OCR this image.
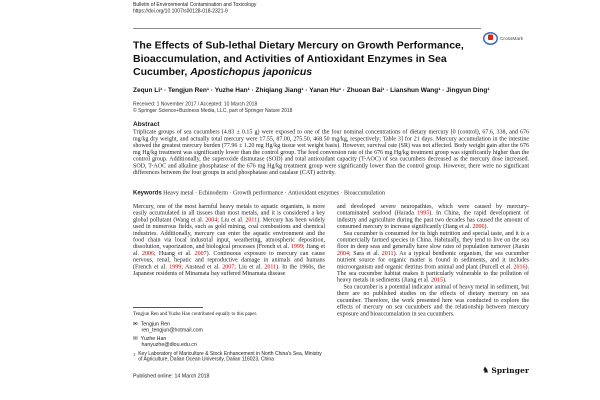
Bulletin of Environmental Contamination and Toxicology
https://doi.org/10.1007/s00128-018-2321-9
CrossMark
The Effects of Sub-lethal Dietary Mercury on Growth Performance,
Bioaccumulation, and Activities of Antioxidant Enzymes in Sea
Cucumber, Apostichopus japonicus
Zequn Li¹ · Tengjun Ren¹ · Yuzhe Han¹ · Zhiqiang Jiang¹ · Yanan Hu¹ · Zhuoan Bai¹ · Lianshun Wang¹ · Jingyun Ding¹
Received: 1 November 2017 / Accepted: 10 March 2018
© Springer Science+Business Media, LLC, part of Springer Nature 2018
Abstract
Triplicate groups of sea cucumbers (4.83 ± 0.15 g) were exposed to one of the four nominal concentrations of dietary mercury [0 (control), 67.6, 338, and 676 mg/kg dry weight, and actually total mercury were 17.55, 87.00, 275.50, 468.50 mg/kg, respectively; Table 3] for 21 days. Mercury accumulation in the intestine showed the greatest mercury burden (77.96 ± 1.20 mg Hg/kg tissue wet weight basis). However, survival rate (SR) was not affected. Body weight gain after the 676 mg Hg/kg treatment was significantly lower than the control group. The feed conversion rate of the 676 mg Hg/kg treatment group was significantly higher than the control group. Additionally, the superoxide dismutase (SOD) and total antioxidant capacity (T-AOC) of sea cucumbers decreased as the mercury dose increased. SOD, T-AOC and alkaline phosphatase of the 676 mg Hg/kg treatment group were significantly lower than the control group. However, there were no significant differences between the four groups in acid phosphatase and catalase (CAT) activity.
Keywords Heavy metal · Echinoderm · Growth performance · Antioxidant enzymes · Bioaccumulation

Mercury, one of the most harmful heavy metals to aquatic organism, is more easily accumulated in all tissues than most metals, and it is considered a key global pollutant (Wang et al. 2004; Liu et al. 2011). Mercury has been widely used in numerous fields, such as gold mining, coal combustions and chemical industries. Additionally, mercury can enter the aquatic environment and the food chain via local industrial input, weathering, atmospheric deposition, dissolution, vaporization, and biological processes (French et al. 1999; Jiang et al. 2006; Huang et al. 2007). Continuous exposure to mercury can cause nervous, renal, hepatic and reproductive damage in animals and humans (French et al. 1999; Anstead et al. 2007; Liu et al. 2011). In the 1960s, the Japanese residents of Minamata bay suffered Minamata disease

and developed severe neuropathies, which were caused by mercury-contaminated seafood (Harada 1995). In China, the rapid development of industry and agriculture during the past two decades has caused the amount of consumed mercury to increase significantly (Jiang et al. 2006).

Sea cucumber is consumed for its high nutrition and special taste, and it is a commercially farmed species in China. Habitually, they tend to live on the sea floor in deep seas and generally have slow rates of population turnover (Jiaxin 2004; Sara et al. 2011). As a typical benthonic organism, the sea cucumber nutrient source for organic matter is found in sediments, and it includes microorganism and organic detritus from animal and plant (Purcell et al. 2016). The sea cucumber habitat makes it particularly vulnerable to the pollution of heavy metals in sediments (Jiang et al. 2015).

Sea cucumber is a potential indicator animal of heavy metal in sediment, but there are no published studies on the effects of dietary mercury on sea cucumber. Therefore, the work presented here was conducted to explore the effects of mercury on sea cucumbers and the relationship between mercury exposure and bioaccumulation in sea cucumbers.

Tengjun Ren and Yuzhe Han contributed equally to this paper.
✉ Tengjun Ren
ren_tengjun@hotmail.com
✉ Yuzhe Han
hanyuzhe@dlou.edu.cn
1 Key Laboratory of Mariculture & Stock Enhancement in North China's Sea, Ministry of Agriculture, Dalian Ocean University, Dalian 116023, China
Published online: 14 March 2018
♞ Springer
